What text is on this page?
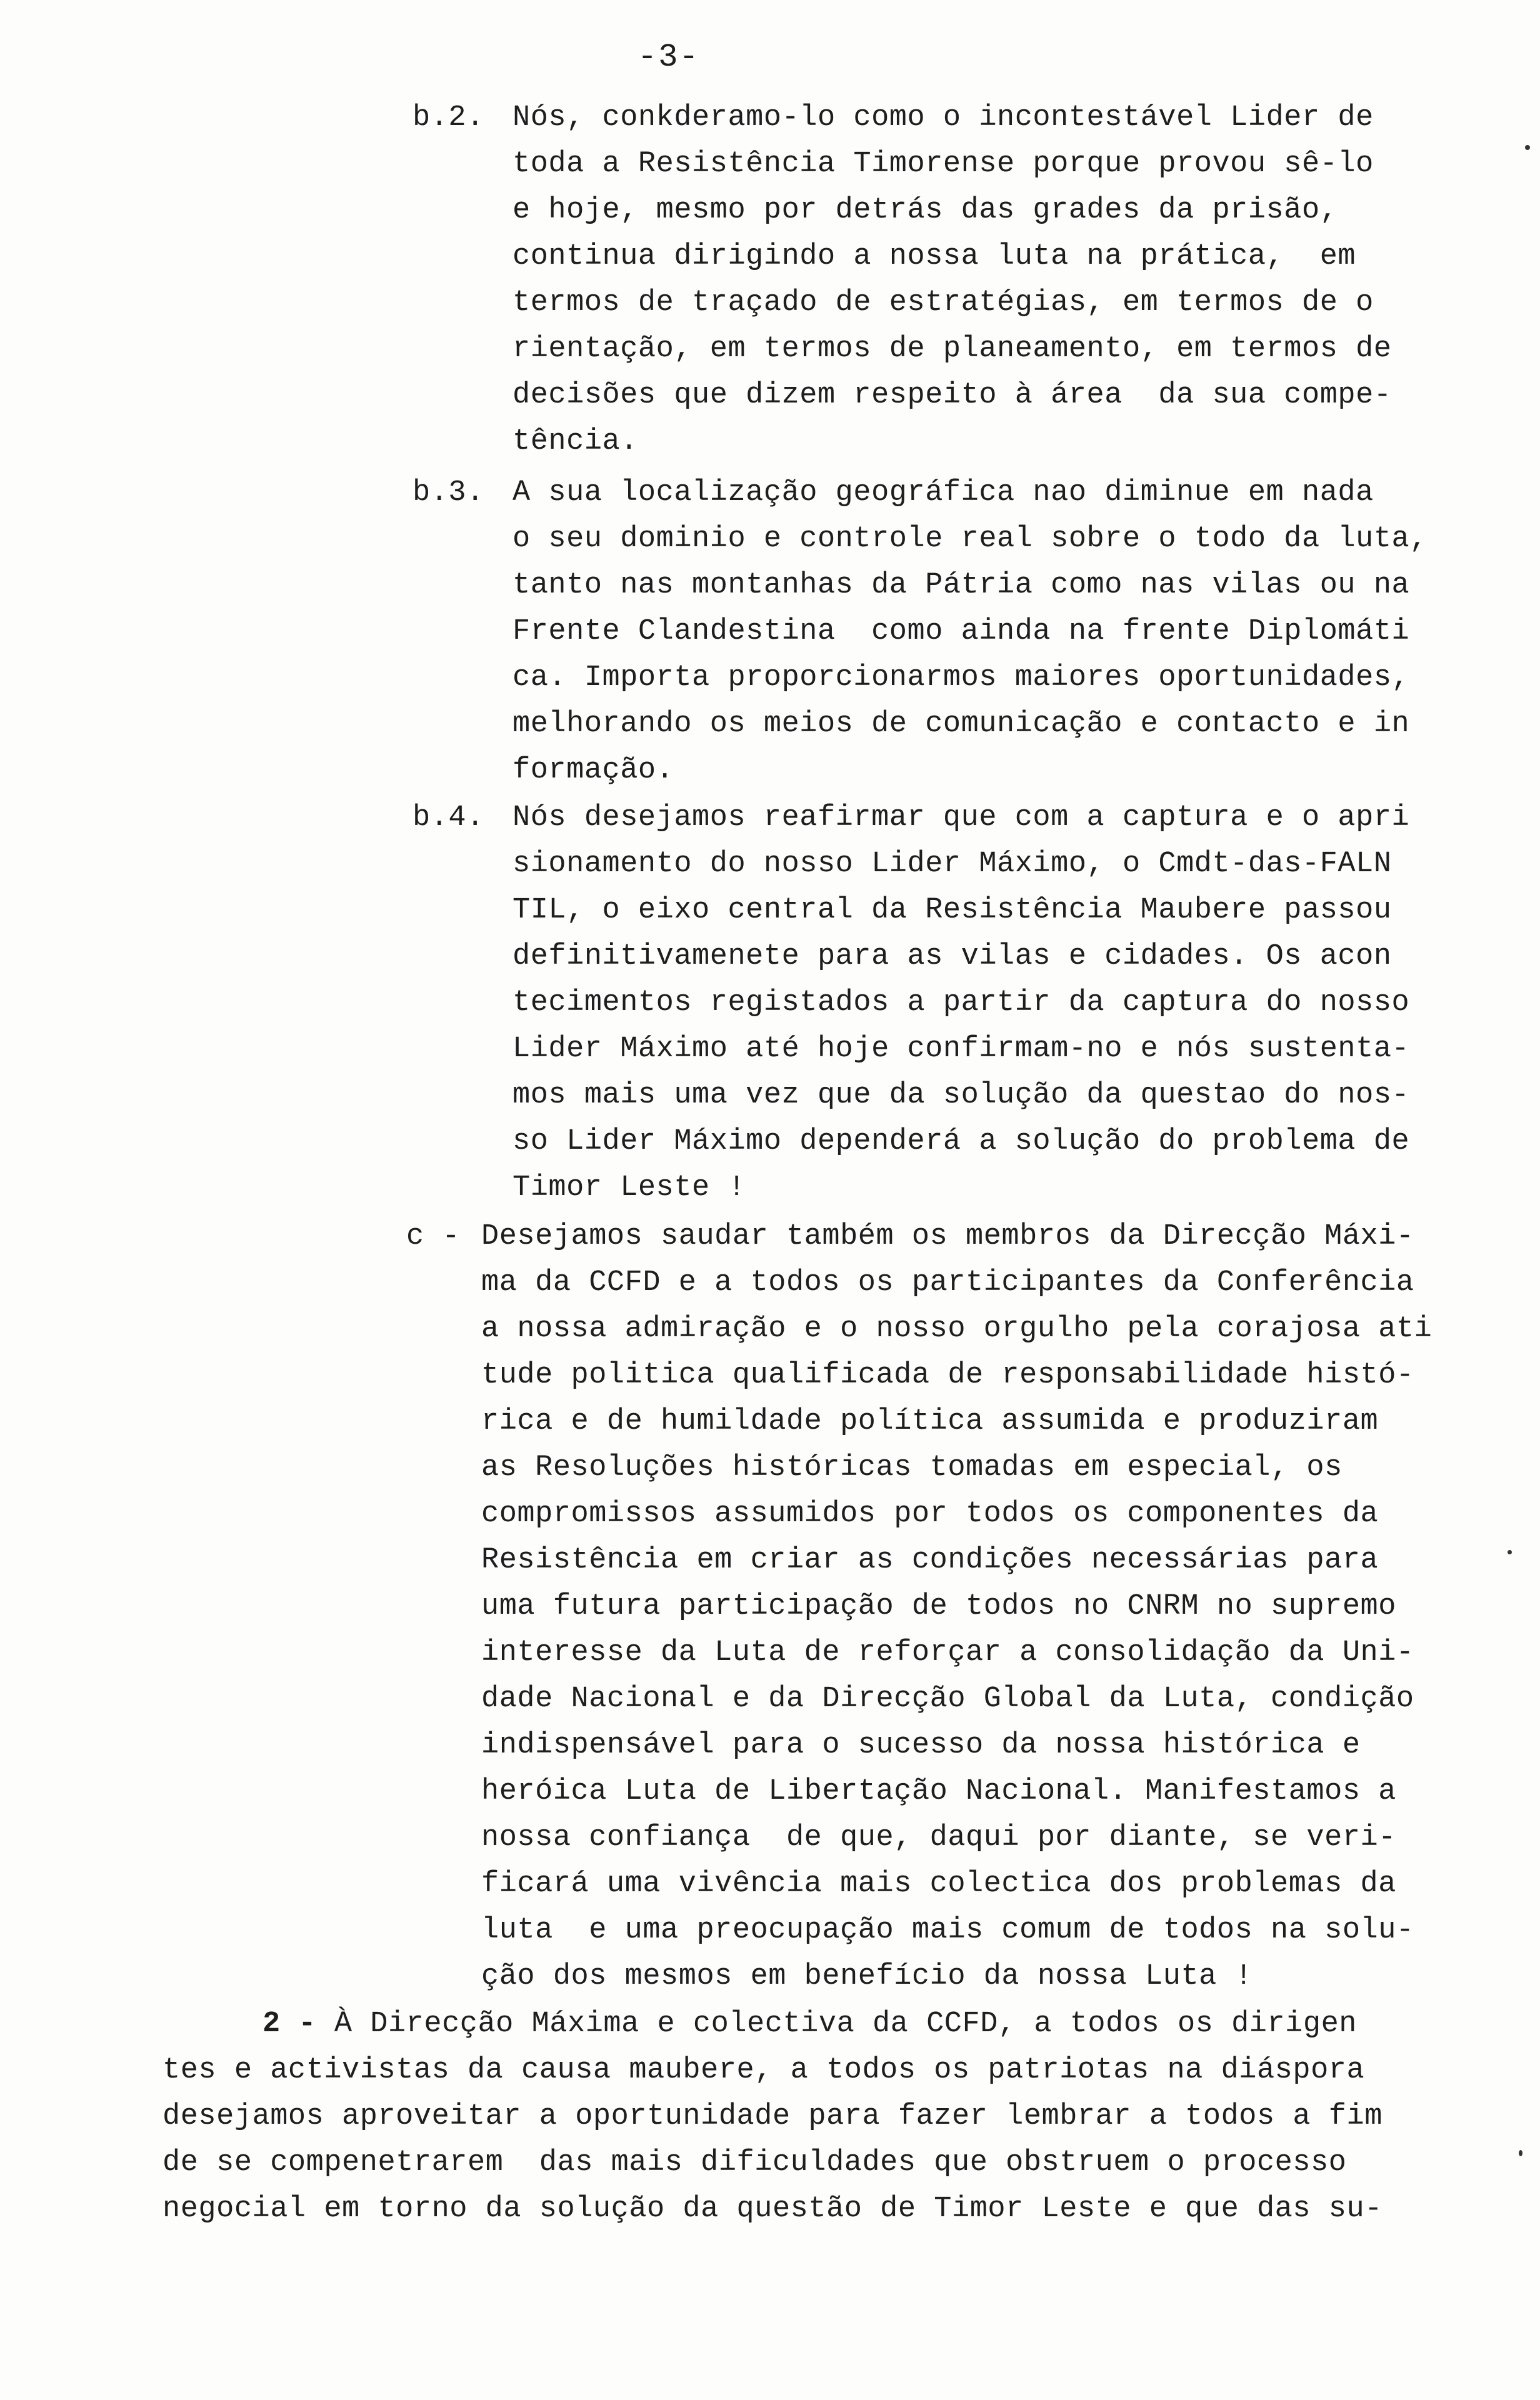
-3-
b.2. Nós, conkderamo-lo como o incontestável Lider de
toda a Resistência Timorense porque provou sê-lo
e hoje, mesmo por detrás das grades da prisão,
continua dirigindo a nossa luta na prática,  em
termos de traçado de estratégias, em termos de o
rientação, em termos de planeamento, em termos de
decisões que dizem respeito à área  da sua compe-
tência.
b.3. A sua localização geográfica nao diminue em nada
o seu dominio e controle real sobre o todo da luta,
tanto nas montanhas da Pátria como nas vilas ou na
Frente Clandestina  como ainda na frente Diplomáti
ca. Importa proporcionarmos maiores oportunidades,
melhorando os meios de comunicação e contacto e in
formação.
b.4. Nós desejamos reafirmar que com a captura e o apri
sionamento do nosso Lider Máximo, o Cmdt-das-FALN
TIL, o eixo central da Resistência Maubere passou
definitivamenete para as vilas e cidades. Os acon
tecimentos registados a partir da captura do nosso
Lider Máximo até hoje confirmam-no e nós sustenta-
mos mais uma vez que da solução da questao do nos-
so Lider Máximo dependerá a solução do problema de
Timor Leste !
c - Desejamos saudar também os membros da Direcção Máxi-
ma da CCFD e a todos os participantes da Conferência
a nossa admiração e o nosso orgulho pela corajosa ati
tude politica qualificada de responsabilidade histó-
rica e de humildade política assumida e produziram
as Resoluções históricas tomadas em especial, os
compromissos assumidos por todos os componentes da
Resistência em criar as condições necessárias para
uma futura participação de todos no CNRM no supremo
interesse da Luta de reforçar a consolidação da Uni-
dade Nacional e da Direcção Global da Luta, condição
indispensável para o sucesso da nossa histórica e
heróica Luta de Libertação Nacional. Manifestamos a
nossa confiança  de que, daqui por diante, se veri-
ficará uma vivência mais colectica dos problemas da
luta  e uma preocupação mais comum de todos na solu-
ção dos mesmos em benefício da nossa Luta !
2 - À Direcção Máxima e colectiva da CCFD, a todos os dirigen
tes e activistas da causa maubere, a todos os patriotas na diáspora
desejamos aproveitar a oportunidade para fazer lembrar a todos a fim
de se compenetrarem  das mais dificuldades que obstruem o processo
negocial em torno da solução da questão de Timor Leste e que das su-
